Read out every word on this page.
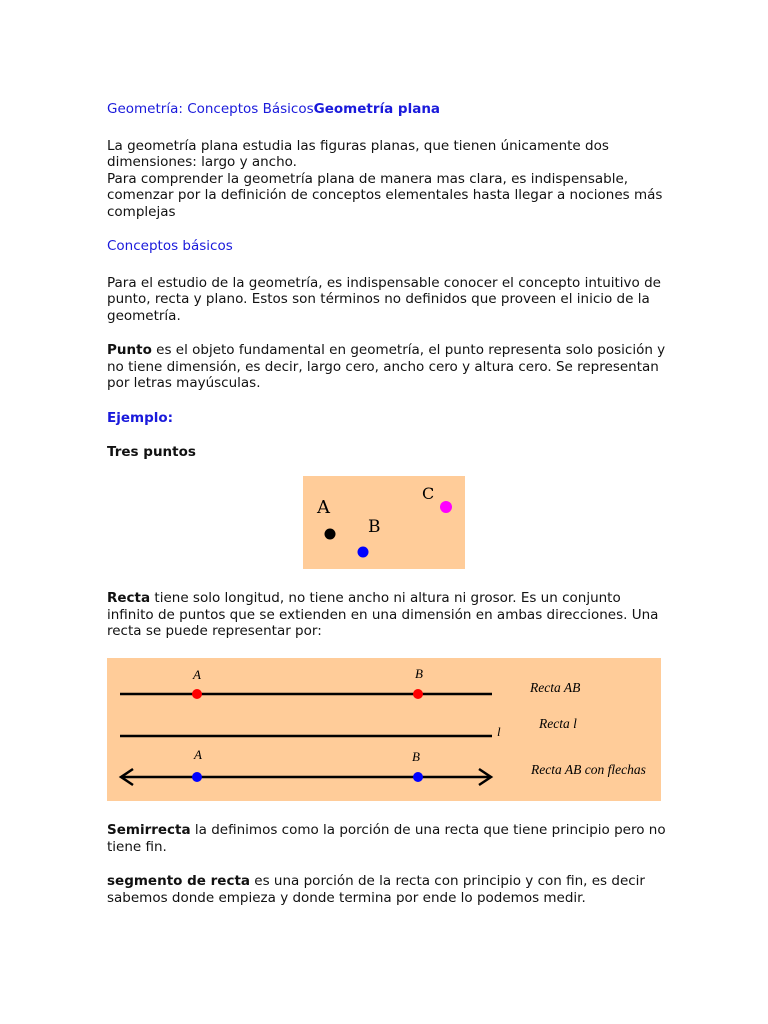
Geometría: Conceptos BásicosGeometría plana

La geometría plana estudia las figuras planas, que tienen únicamente dos dimensiones: largo y ancho.

Para comprender la geometría plana de manera mas clara, es indispensable, comenzar por la definición de conceptos elementales hasta llegar a nociones más complejas

Conceptos básicos

Para el estudio de la geometría, es indispensable conocer el concepto intuitivo de punto, recta y plano. Estos son términos no definidos que proveen el inicio de la geometría.

Punto es el objeto fundamental en geometría, el punto representa solo posición y no tiene dimensión, es decir, largo cero, ancho cero y altura cero. Se representan por letras mayúsculas.

Ejemplo:

Tres puntos

A
B
C

Recta tiene solo longitud, no tiene ancho ni altura ni grosor. Es un conjunto infinito de puntos que se extienden en una dimensión en ambas direcciones. Una recta se puede representar por:

A	B
Recta AB
l
Recta l
A	B
Recta AB con flechas

Semirrecta la definimos como la porción de una recta que tiene principio pero no tiene fin.

segmento de recta es una porción de la recta con principio y con fin, es decir sabemos donde empieza y donde termina por ende lo podemos medir.
